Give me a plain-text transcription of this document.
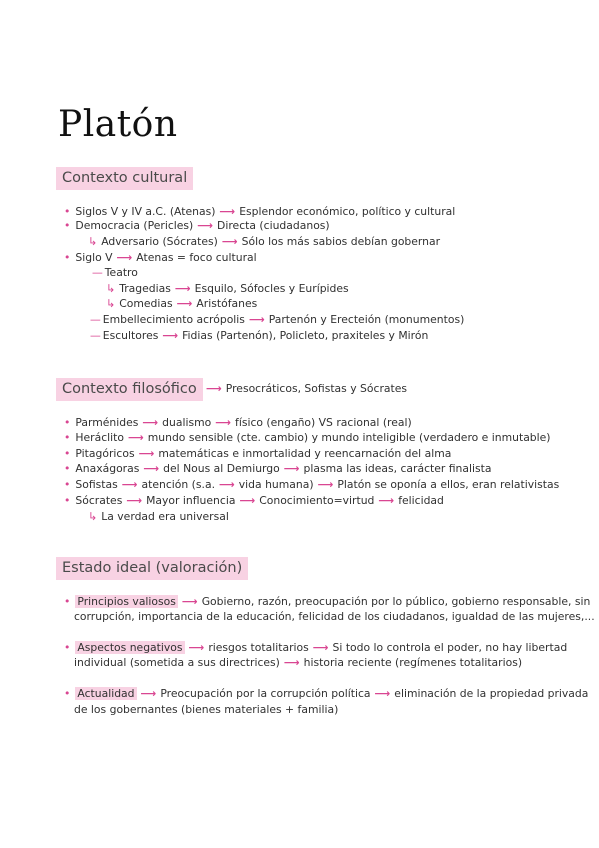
Platón
Contexto cultural
• Siglos V y IV a.C. (Atenas) ⟶ Esplendor económico, político y cultural
• Democracia (Pericles) ⟶ Directa (ciudadanos)
↳ Adversario (Sócrates) ⟶ Sólo los más sabios debían gobernar
• Siglo V ⟶ Atenas = foco cultural
— Teatro
↳ Tragedias ⟶ Esquilo, Sófocles y Eurípides
↳ Comedias ⟶ Aristófanes
— Embellecimiento acrópolis ⟶ Partenón y Erecteión (monumentos)
— Escultores ⟶ Fidias (Partenón), Policleto, praxiteles y Mirón
Contexto filosófico ⟶ Presocráticos, Sofistas y Sócrates
• Parménides ⟶ dualismo ⟶ físico (engaño) VS racional (real)
• Heráclito ⟶ mundo sensible (cte. cambio) y mundo inteligible (verdadero e inmutable)
• Pitagóricos ⟶ matemáticas e inmortalidad y reencarnación del alma
• Anaxágoras ⟶ del Nous al Demiurgo ⟶ plasma las ideas, carácter finalista
• Sofistas ⟶ atención (s.a. ⟶ vida humana) ⟶ Platón se oponía a ellos, eran relativistas
• Sócrates ⟶ Mayor influencia ⟶ Conocimiento=virtud ⟶ felicidad
↳ La verdad era universal
Estado ideal (valoración)
• Principios valiosos ⟶ Gobierno, razón, preocupación por lo público, gobierno responsable, sin
corrupción, importancia de la educación, felicidad de los ciudadanos, igualdad de las mujeres,...
• Aspectos negativos ⟶ riesgos totalitarios ⟶ Si todo lo controla el poder, no hay libertad
individual (sometida a sus directrices) ⟶ historia reciente (regímenes totalitarios)
• Actualidad ⟶ Preocupación por la corrupción política ⟶ eliminación de la propiedad privada
de los gobernantes (bienes materiales + familia)
